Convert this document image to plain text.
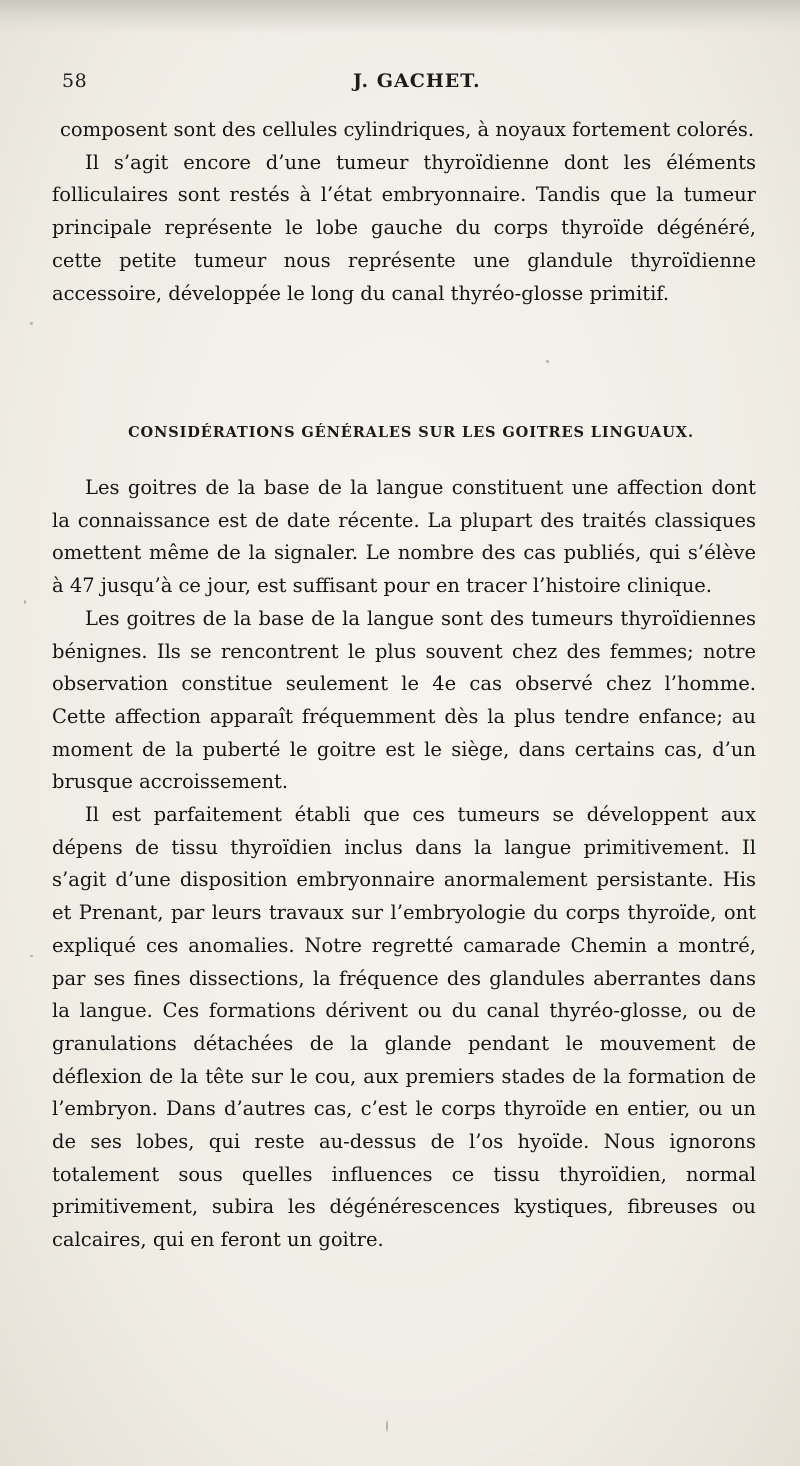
58	J. GACHET.

composent sont des cellules cylindriques, à noyaux fortement colorés.

Il s’agit encore d’une tumeur thyroïdienne dont les éléments folliculaires sont restés à l’état embryonnaire. Tandis que la tumeur principale représente le lobe gauche du corps thyroïde dégénéré, cette petite tumeur nous représente une glandule thyroïdienne accessoire, développée le long du canal thyréo-glosse primitif.

CONSIDÉRATIONS GÉNÉRALES SUR LES GOITRES LINGUAUX.

Les goitres de la base de la langue constituent une affection dont la connaissance est de date récente. La plupart des traités classiques omettent même de la signaler. Le nombre des cas publiés, qui s’élève à 47 jusqu’à ce jour, est suffisant pour en tracer l’histoire clinique.

Les goitres de la base de la langue sont des tumeurs thyroïdiennes bénignes. Ils se rencontrent le plus souvent chez des femmes; notre observation constitue seulement le 4e cas observé chez l’homme. Cette affection apparaît fréquemment dès la plus tendre enfance; au moment de la puberté le goitre est le siège, dans certains cas, d’un brusque accroissement.

Il est parfaitement établi que ces tumeurs se développent aux dépens de tissu thyroïdien inclus dans la langue primitivement. Il s’agit d’une disposition embryonnaire anormalement persistante. His et Prenant, par leurs travaux sur l’embryologie du corps thyroïde, ont expliqué ces anomalies. Notre regretté camarade Chemin a montré, par ses fines dissections, la fréquence des glandules aberrantes dans la langue. Ces formations dérivent ou du canal thyréo-glosse, ou de granulations détachées de la glande pendant le mouvement de déflexion de la tête sur le cou, aux premiers stades de la formation de l’embryon. Dans d’autres cas, c’est le corps thyroïde en entier, ou un de ses lobes, qui reste au-dessus de l’os hyoïde. Nous ignorons totalement sous quelles influences ce tissu thyroïdien, normal primitivement, subira les dégénérescences kystiques, fibreuses ou calcaires, qui en feront un goitre.
